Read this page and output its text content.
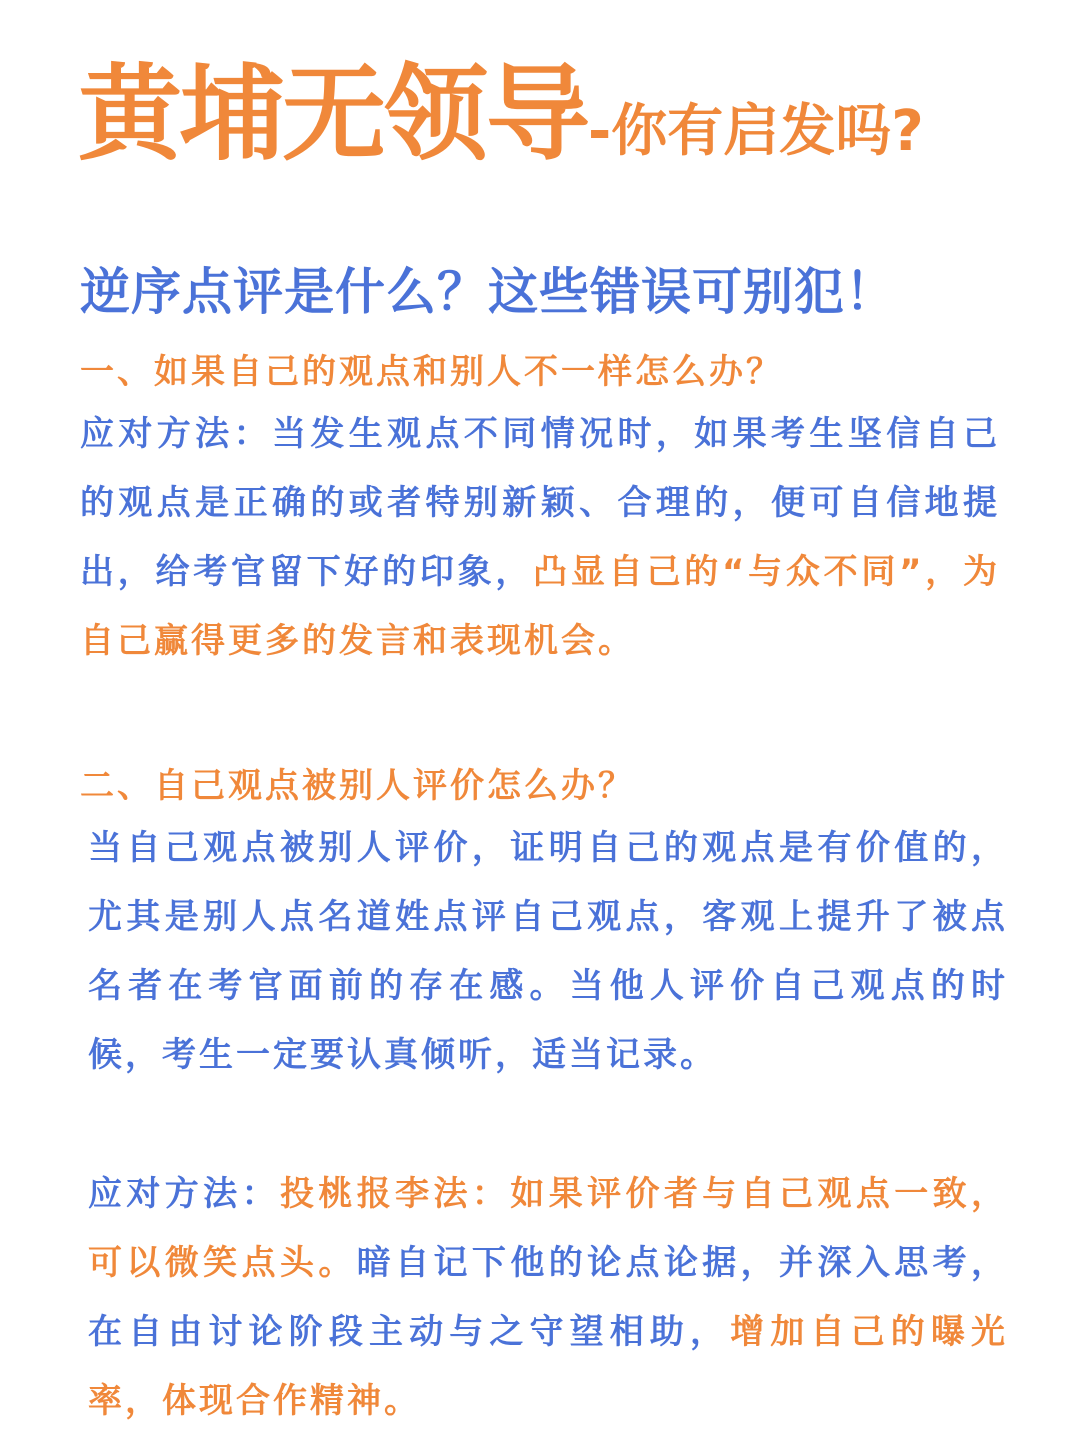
黄埔无领导-你有启发吗?
逆序点评是什么？这些错误可别犯！
一、如果自己的观点和别人不一样怎么办？
应对方法：当发生观点不同情况时，如果考生坚信自己的观点是正确的或者特别新颖、合理的，便可自信地提出，给考官留下好的印象，凸显自己的“与众不同”，为自己赢得更多的发言和表现机会。
二、自己观点被别人评价怎么办？
当自己观点被别人评价，证明自己的观点是有价值的，尤其是别人点名道姓点评自己观点，客观上提升了被点名者在考官面前的存在感。当他人评价自己观点的时候，考生一定要认真倾听，适当记录。
应对方法：投桃报李法：如果评价者与自己观点一致，可以微笑点头。暗自记下他的论点论据，并深入思考，在自由讨论阶段主动与之守望相助，增加自己的曝光率，体现合作精神。
